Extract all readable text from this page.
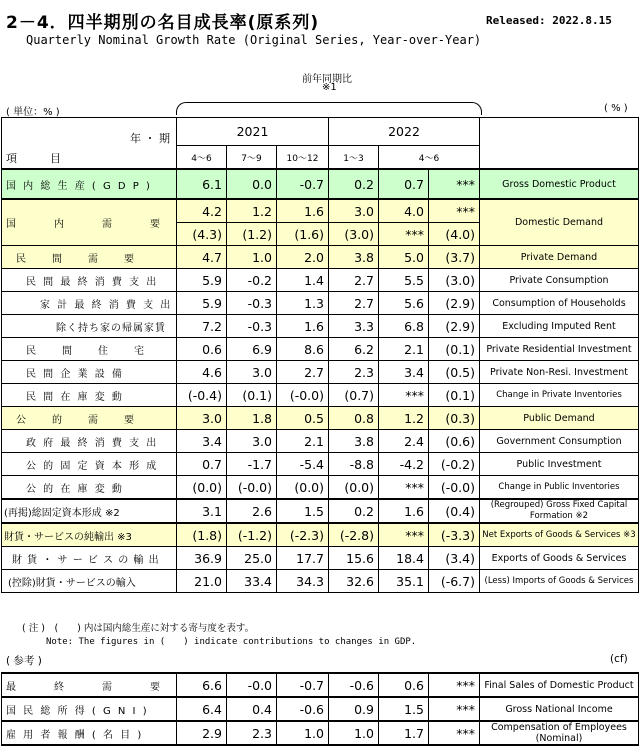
2－4．四半期別の名目成長率(原系列)
Quarterly Nominal Growth Rate (Original Series, Year-over-Year)
Released: 2022.8.15
前年同期比
※1
( 単位：% )	( % )
年 ・ 期
項　　　目	2021			2022			
	4～6	7～9	10～12	1～3	4～6		
国 内 総 生 産 ( G D P )	6.1	0.0	-0.7	0.2	0.7	***	Gross Domestic Product
国　　　内　　　需　　　要	4.2	1.2	1.6	3.0	4.0	***	Domestic Demand
	(4.3)	(1.2)	(1.6)	(3.0)	***	(4.0)	
民　　間　　需　　要	4.7	1.0	2.0	3.8	5.0	(3.7)	Private Demand
民 間 最 終 消 費 支 出	5.9	-0.2	1.4	2.7	5.5	(3.0)	Private Consumption
家 計 最 終 消 費 支 出	5.9	-0.3	1.3	2.7	5.6	(2.9)	Consumption of Households
除く持ち家の帰属家賃	7.2	-0.3	1.6	3.3	6.8	(2.9)	Excluding Imputed Rent
民　　間　　住　　宅	0.6	6.9	8.6	6.2	2.1	(0.1)	Private Residential Investment
民 間 企 業 設 備	4.6	3.0	2.7	2.3	3.4	(0.5)	Private Non-Resi. Investment
民 間 在 庫 変 動	(-0.4)	(0.1)	(-0.0)	(0.7)	***	(0.1)	Change in Private Inventories
公　　的　　需　　要	3.0	1.8	0.5	0.8	1.2	(0.3)	Public Demand
政 府 最 終 消 費 支 出	3.4	3.0	2.1	3.8	2.4	(0.6)	Government Consumption
公 的 固 定 資 本 形 成	0.7	-1.7	-5.4	-8.8	-4.2	(-0.2)	Public Investment
公 的 在 庫 変 動	(0.0)	(-0.0)	(0.0)	(0.0)	***	(-0.0)	Change in Public Inventories
(再掲)総固定資本形成 ※2	3.1	2.6	1.5	0.2	1.6	(0.4)	(Regrouped) Gross Fixed Capital Formation ※2
財貨・サービスの純輸出 ※3	(1.8)	(-1.2)	(-2.3)	(-2.8)	***	(-3.3)	Net Exports of Goods & Services ※3
財 貨 ・ サ ー ビ ス の 輸 出	36.9	25.0	17.7	15.6	18.4	(3.4)	Exports of Goods & Services
(控除)財貨・サービスの輸入	21.0	33.4	34.3	32.6	35.1	(-6.7)	(Less) Imports of Goods & Services
( 注 )　(　　) 内は国内総生産に対する寄与度を表す。
Note: The figures in (　　) indicate contributions to changes in GDP.
( 参考 )	(cf)
最　　　終　　　需　　　要	6.6	-0.0	-0.7	-0.6	0.6	***	Final Sales of Domestic Product
国 民 総 所 得 ( G N I )	6.4	0.4	-0.6	0.9	1.5	***	Gross National Income
雇 用 者 報 酬 ( 名 目 )	2.9	2.3	1.0	1.0	1.7	***	Compensation of Employees (Nominal)
